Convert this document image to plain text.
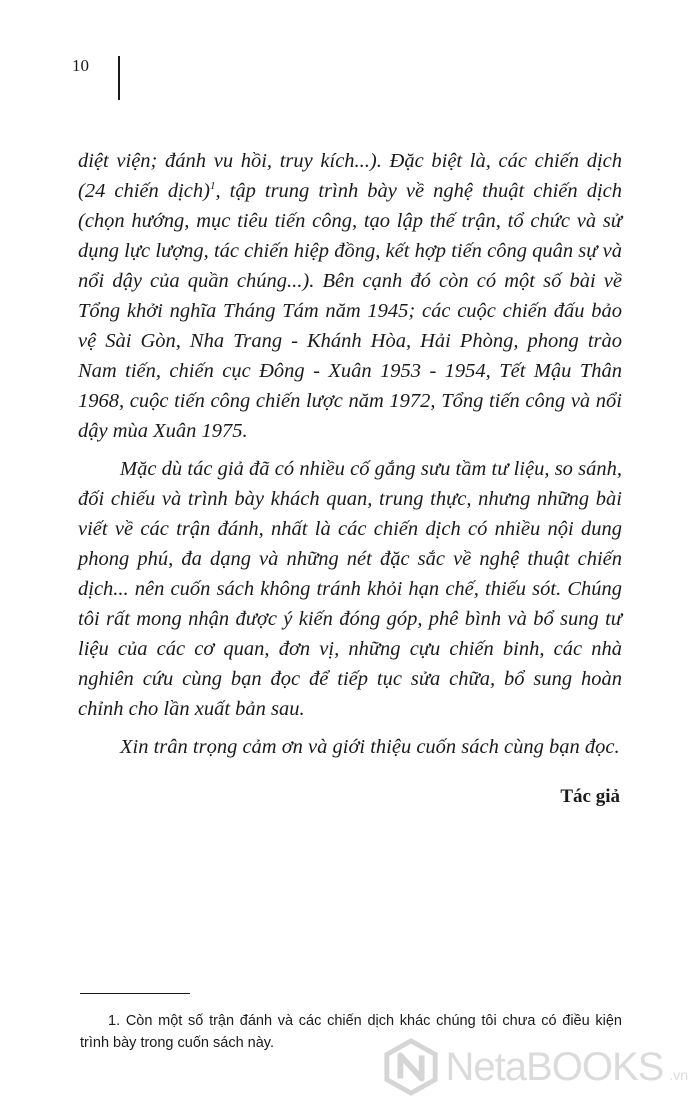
10

diệt viện; đánh vu hồi, truy kích...). Đặc biệt là, các chiến dịch (24 chiến dịch)$^1$, tập trung trình bày về nghệ thuật chiến dịch (chọn hướng, mục tiêu tiến công, tạo lập thế trận, tổ chức và sử dụng lực lượng, tác chiến hiệp đồng, kết hợp tiến công quân sự và nổi dậy của quần chúng...). Bên cạnh đó còn có một số bài về Tổng khởi nghĩa Tháng Tám năm 1945; các cuộc chiến đấu bảo vệ Sài Gòn, Nha Trang - Khánh Hòa, Hải Phòng, phong trào Nam tiến, chiến cục Đông - Xuân 1953 - 1954, Tết Mậu Thân 1968, cuộc tiến công chiến lược năm 1972, Tổng tiến công và nổi dậy mùa Xuân 1975.

Mặc dù tác giả đã có nhiều cố gắng sưu tầm tư liệu, so sánh, đối chiếu và trình bày khách quan, trung thực, nhưng những bài viết về các trận đánh, nhất là các chiến dịch có nhiều nội dung phong phú, đa dạng và những nét đặc sắc về nghệ thuật chiến dịch... nên cuốn sách không tránh khỏi hạn chế, thiếu sót. Chúng tôi rất mong nhận được ý kiến đóng góp, phê bình và bổ sung tư liệu của các cơ quan, đơn vị, những cựu chiến binh, các nhà nghiên cứu cùng bạn đọc để tiếp tục sửa chữa, bổ sung hoàn chỉnh cho lần xuất bản sau.

Xin trân trọng cảm ơn và giới thiệu cuốn sách cùng bạn đọc.

Tác giả
1. Còn một số trận đánh và các chiến dịch khác chúng tôi chưa có điều kiện trình bày trong cuốn sách này.
NetaBOOKS .vn
